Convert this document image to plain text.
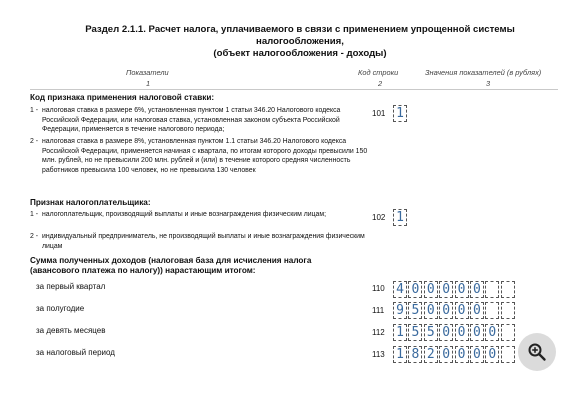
Раздел 2.1.1. Расчет налога, уплачиваемого в связи с применением упрощенной системы налогообложения,
(объект налогообложения - доходы)
Показатели	Код строки	Значения показателей (в рублях)
1	2	3
Код признака применения налоговой ставки:
1 - налоговая ставка в размере 6%, установленная пунктом 1 статьи 346.20 Налогового кодекса Российской Федерации, или налоговая ставка, установленная законом субъекта Российской Федерации, применяется в течение налогового периода;
2 - налоговая ставка в размере 8%, установленная пунктом 1.1 статьи 346.20 Налогового кодекса Российской Федерации, применяется начиная с квартала, по итогам которого доходы превысили 150 млн. рублей, но не превысили 200 млн. рублей и (или) в течение которого средняя численность работников превысила 100 человек, но не превысила 130 человек
101 1
Признак налогоплательщика:
1 - налогоплательщик, производящий выплаты и иные вознаграждения физическим лицам;
2 - индивидуальный предприниматель, не производящий выплаты и иные вознаграждения физическим лицам
102 1
Сумма полученных доходов (налоговая база для исчисления налога
(авансового платежа по налогу)) нарастающим итогом:
за первый квартал	110 4 0 0 0 0 0
за полугодие	111 9 5 0 0 0 0
за девять месяцев	112 1 5 5 0 0 0 0
за налоговый период	113 1 8 2 0 0 0 0
